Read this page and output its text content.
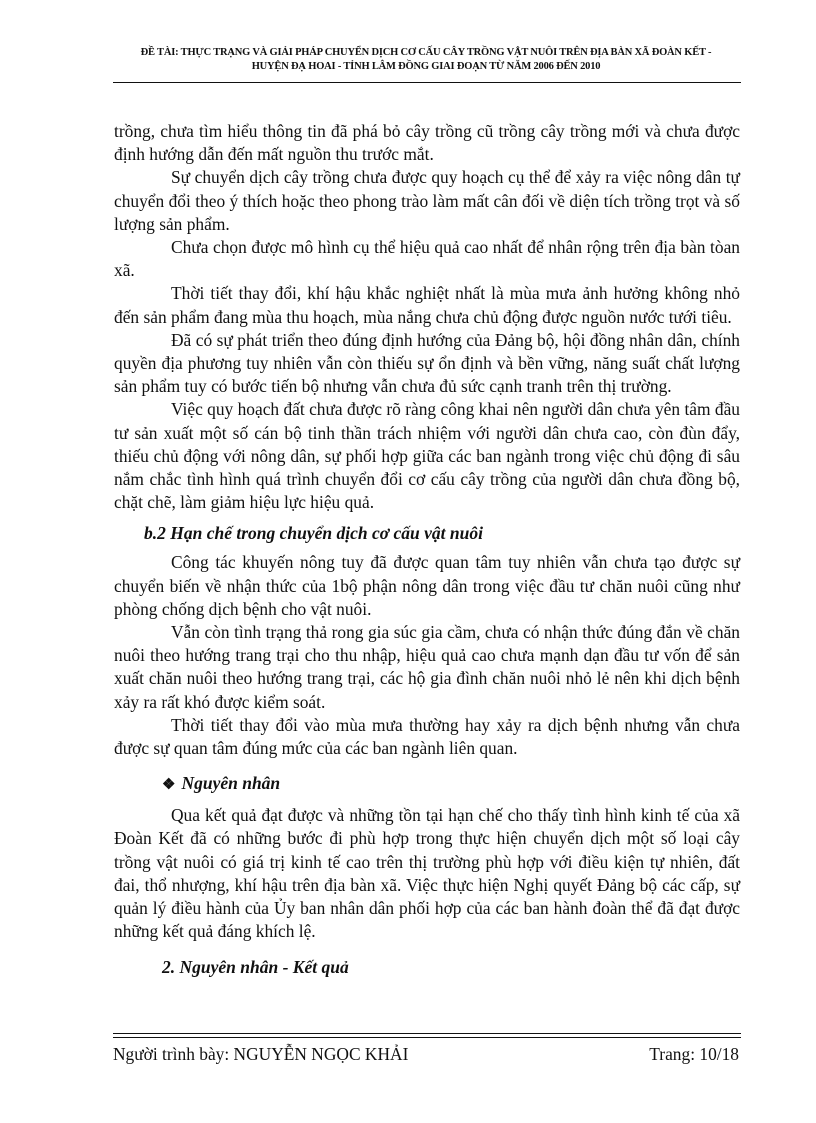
ĐỀ TÀI: THỰC TRẠNG VÀ GIẢI PHÁP CHUYỂN DỊCH CƠ CẤU CÂY TRỒNG VẬT NUÔI TRÊN ĐỊA BÀN XÃ ĐOÀN KẾT -
HUYỆN ĐẠ HOAI - TỈNH LÂM ĐỒNG GIAI ĐOẠN TỪ NĂM 2006 ĐẾN 2010

trồng, chưa tìm hiểu thông tin đã phá bỏ cây trồng cũ trồng cây trồng mới và chưa được định hướng dẫn đến mất nguồn thu trước mắt.

Sự chuyển dịch cây trồng chưa được quy hoạch cụ thể để xảy ra việc nông dân tự chuyển đổi theo ý thích hoặc theo phong trào làm mất cân đối về diện tích trồng trọt và số lượng sản phẩm.

Chưa chọn được mô hình cụ thể hiệu quả cao nhất để nhân rộng trên địa bàn tòan xã.

Thời tiết thay đổi, khí hậu khắc nghiệt nhất là mùa mưa ảnh hưởng không nhỏ đến sản phẩm đang mùa thu hoạch, mùa nắng chưa chủ động được nguồn nước tưới tiêu.

Đã có sự phát triển theo đúng định hướng của Đảng bộ, hội đồng nhân dân, chính quyền địa phương tuy nhiên vẫn còn thiếu sự ổn định và bền vững, năng suất chất lượng sản phẩm tuy có bước tiến bộ nhưng vẫn chưa đủ sức cạnh tranh trên thị trường.

Việc quy hoạch đất chưa được rõ ràng công khai nên người dân chưa yên tâm đầu tư sản xuất một số cán bộ tinh thần trách nhiệm với người dân chưa cao, còn đùn đẩy, thiếu chủ động với nông dân, sự phối hợp giữa các ban ngành trong việc chủ động đi sâu nắm chắc tình hình quá trình chuyển đổi cơ cấu cây trồng của người dân chưa đồng bộ, chặt chẽ, làm giảm hiệu lực hiệu quả.

b.2 Hạn chế trong chuyển dịch cơ cấu vật nuôi

Công tác khuyến nông tuy đã được quan tâm tuy nhiên vẫn chưa tạo được sự chuyển biến về nhận thức của 1bộ phận nông dân trong việc đầu tư chăn nuôi cũng như phòng chống dịch bệnh cho vật nuôi.

Vẫn còn tình trạng thả rong gia súc gia cầm, chưa có nhận thức đúng đắn về chăn nuôi theo hướng trang trại cho thu nhập, hiệu quả cao chưa mạnh dạn đầu tư vốn để sản xuất chăn nuôi theo hướng trang trại, các hộ gia đình chăn nuôi nhỏ lẻ nên khi dịch bệnh xảy ra rất khó được kiểm soát.

Thời tiết thay đổi vào mùa mưa thường hay xảy ra dịch bệnh nhưng vẫn chưa được sự quan tâm đúng mức của các ban ngành liên quan.

❖ Nguyên nhân

Qua kết quả đạt được và những tồn tại hạn chế cho thấy tình hình kinh tế của xã Đoàn Kết đã có những bước đi phù hợp trong thực hiện chuyển dịch một số loại cây trồng vật nuôi có giá trị kinh tế cao trên thị trường phù hợp với điều kiện tự nhiên, đất đai, thổ nhượng, khí hậu trên địa bàn xã. Việc thực hiện Nghị quyết Đảng bộ các cấp, sự quản lý điều hành của Ủy ban nhân dân phối hợp của các ban hành đoàn thể đã đạt được những kết quả đáng khích lệ.

2. Nguyên nhân - Kết quả
Người trình bày: NGUYỄN NGỌC KHẢI	Trang: 10/18
